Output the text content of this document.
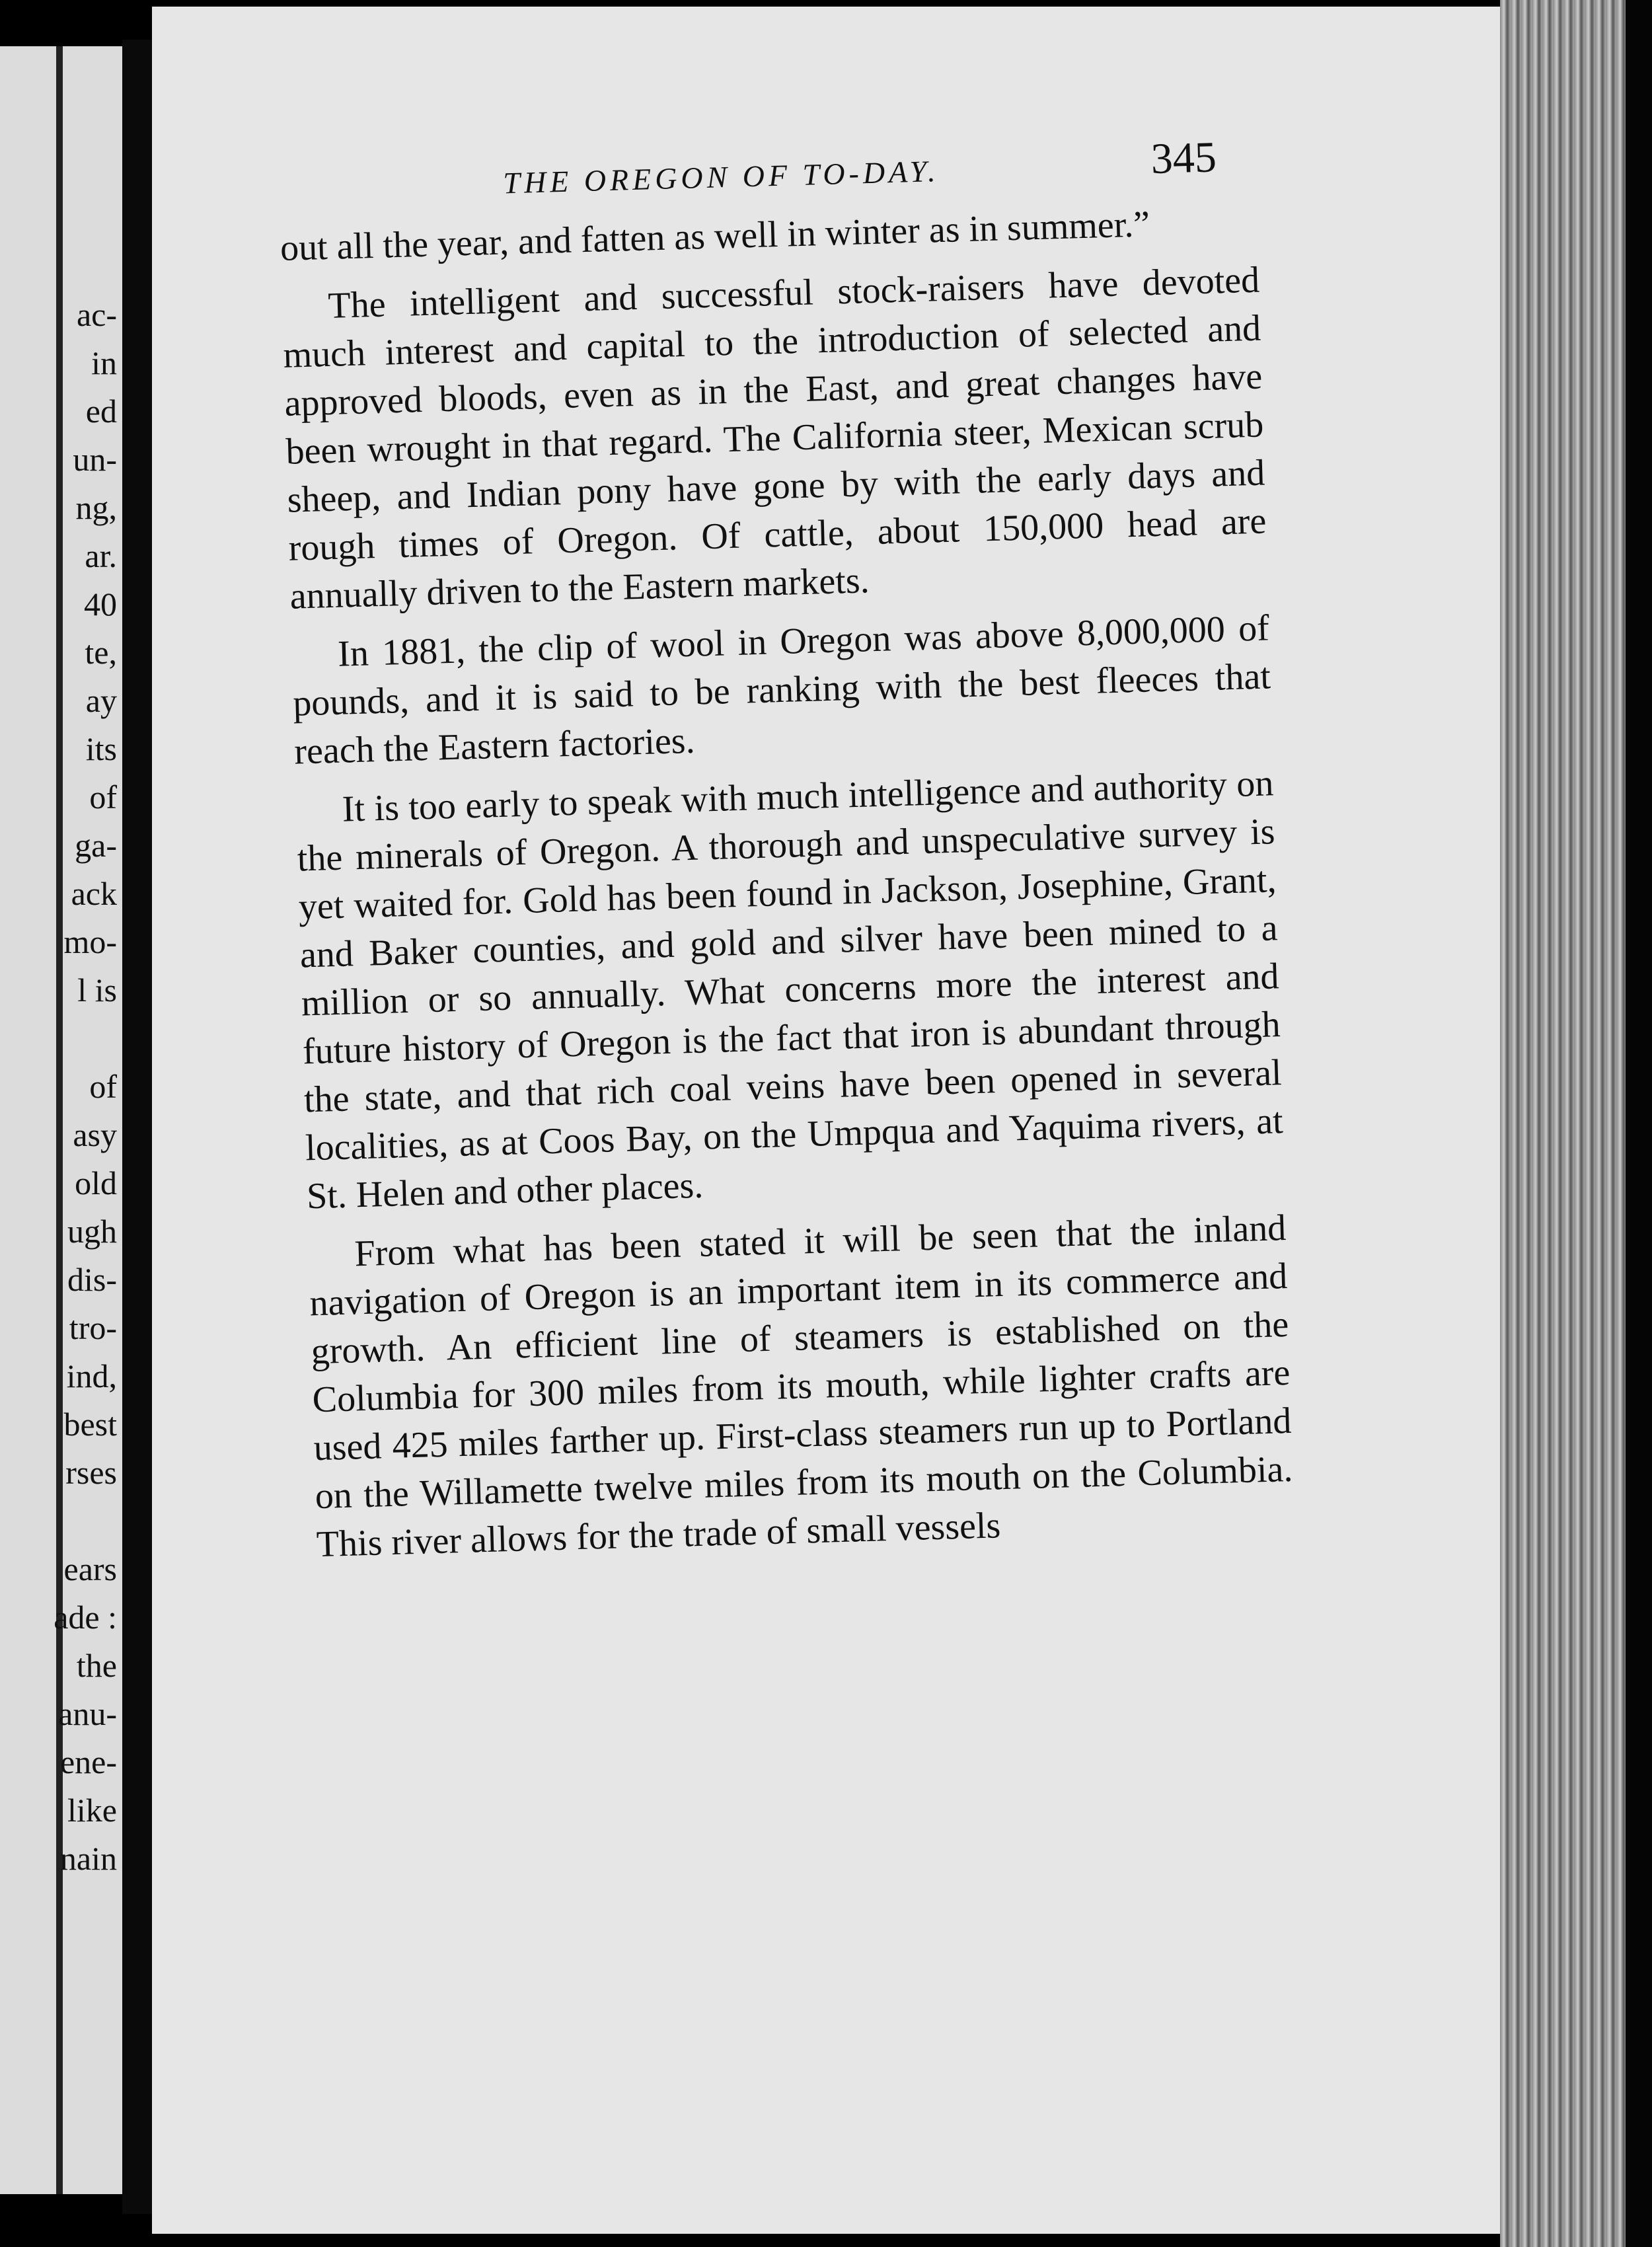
ac-
in
ed
un-
ng,
ar.
40
te,
ay
its
of
ga-
ack
mo-
l is
of
asy
old
ugh
dis-
tro-
ind,
best
rses
ears
ade :
the
anu-
ene-
like
nain
THE OREGON OF TO-DAY.	345

out all the year, and fatten as well in winter as in summer.”

The intelligent and successful stock-raisers have devoted much interest and capital to the introduction of selected and approved bloods, even as in the East, and great changes have been wrought in that regard. The California steer, Mexican scrub sheep, and Indian pony have gone by with the early days and rough times of Oregon. Of cattle, about 150,000 head are annually driven to the Eastern markets.

In 1881, the clip of wool in Oregon was above 8,000,000 of pounds, and it is said to be ranking with the best fleeces that reach the Eastern factories.

It is too early to speak with much intelligence and authority on the minerals of Oregon. A thorough and unspeculative survey is yet waited for. Gold has been found in Jackson, Josephine, Grant, and Baker counties, and gold and silver have been mined to a million or so annually. What concerns more the interest and future history of Oregon is the fact that iron is abundant through the state, and that rich coal veins have been opened in several localities, as at Coos Bay, on the Umpqua and Yaquima rivers, at St. Helen and other places.

From what has been stated it will be seen that the inland navigation of Oregon is an important item in its commerce and growth. An efficient line of steamers is established on the Columbia for 300 miles from its mouth, while lighter crafts are used 425 miles farther up. First-class steamers run up to Portland on the Willamette twelve miles from its mouth on the Columbia. This river allows for the trade of small vessels
